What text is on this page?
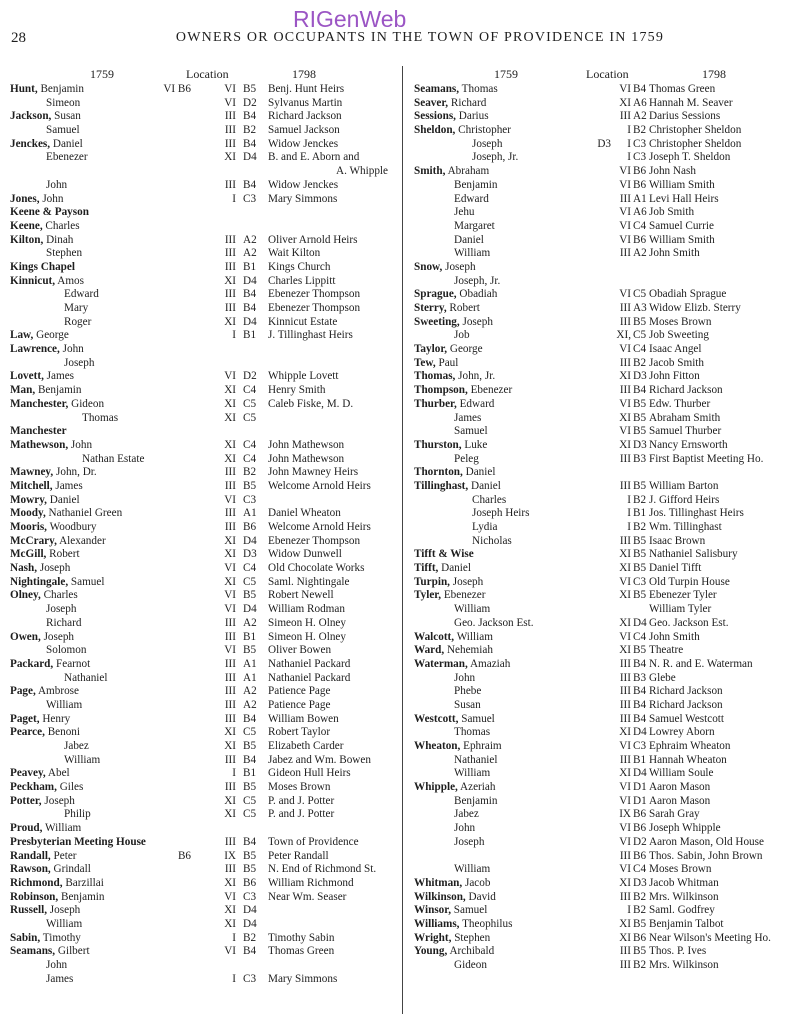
RIGenWeb
28	OWNERS OR OCCUPANTS IN THE TOWN OF PROVIDENCE IN 1759
1759	Location	1798
Hunt, Benjamin	VI B6	VI B5 Benj. Hunt Heirs
Simeon	VI D2 Sylvanus Martin
Jackson, Susan	III B4 Richard Jackson
Samuel	III B2 Samuel Jackson
Jenckes, Daniel	III B4 Widow Jenckes
Ebenezer	XI D4 B. and E. Aborn and
A. Whipple
John	III B4 Widow Jenckes
Jones, John	I C3 Mary Simmons
Keene & Payson
Keene, Charles
Kilton, Dinah	III A2 Oliver Arnold Heirs
Stephen	III A2 Wait Kilton
Kings Chapel	III B1 Kings Church
Kinnicut, Amos	XI D4 Charles Lippitt
Edward	III B4 Ebenezer Thompson
Mary	III B4 Ebenezer Thompson
Roger	XI D4 Kinnicut Estate
Law, George	I B1 J. Tillinghast Heirs
Lawrence, John
Joseph
Lovett, James	VI D2 Whipple Lovett
Man, Benjamin	XI C4 Henry Smith
Manchester, Gideon	XI C5 Caleb Fiske, M. D.
Thomas	XI C5
Manchester
Mathewson, John	XI C4 John Mathewson
Nathan Estate	XI C4 John Mathewson
Mawney, John, Dr.	III B2 John Mawney Heirs
Mitchell, James	III B5 Welcome Arnold Heirs
Mowry, Daniel	VI C3
Moody, Nathaniel Green	III A1 Daniel Wheaton
Mooris, Woodbury	III B6 Welcome Arnold Heirs
McCrary, Alexander	XI D4 Ebenezer Thompson
McGill, Robert	XI D3 Widow Dunwell
Nash, Joseph	VI C4 Old Chocolate Works
Nightingale, Samuel	XI C5 Saml. Nightingale
Olney, Charles	VI B5 Robert Newell
Joseph	VI D4 William Rodman
Richard	III A2 Simeon H. Olney
Owen, Joseph	III B1 Simeon H. Olney
Solomon	VI B5 Oliver Bowen
Packard, Fearnot	III A1 Nathaniel Packard
Nathaniel	III A1 Nathaniel Packard
Page, Ambrose	III A2 Patience Page
William	III A2 Patience Page
Paget, Henry	III B4 William Bowen
Pearce, Benoni	XI C5 Robert Taylor
Jabez	XI B5 Elizabeth Carder
William	III B4 Jabez and Wm. Bowen
Peavey, Abel	I B1 Gideon Hull Heirs
Peckham, Giles	III B5 Moses Brown
Potter, Joseph	XI C5 P. and J. Potter
Philip	XI C5 P. and J. Potter
Proud, William
Presbyterian Meeting House	III B4 Town of Providence
Randall, Peter	B6	IX B5 Peter Randall
Rawson, Grindall	III B5 N. End of Richmond St.
Richmond, Barzillai	XI B6 William Richmond
Robinson, Benjamin	VI C3 Near Wm. Seaser
Russell, Joseph	XI D4
William	XI D4
Sabin, Timothy	I B2 Timothy Sabin
Seamans, Gilbert	VI B4 Thomas Green
John
James	I C3 Mary Simmons
1759	Location	1798
Seamans, Thomas	VI B4 Thomas Green
Seaver, Richard	XI A6 Hannah M. Seaver
Sessions, Darius	III A2 Darius Sessions
Sheldon, Christopher	I B2 Christopher Sheldon
Joseph	D3 I C3 Christopher Sheldon
Joseph, Jr.	I C3 Joseph T. Sheldon
Smith, Abraham	VI B6 John Nash
Benjamin	VI B6 William Smith
Edward	III A1 Levi Hall Heirs
Jehu	VI A6 Job Smith
Margaret	VI C4 Samuel Currie
Daniel	VI B6 William Smith
William	III A2 John Smith
Snow, Joseph
Joseph, Jr.
Sprague, Obadiah	VI C5 Obadiah Sprague
Sterry, Robert	III A3 Widow Elizb. Sterry
Sweeting, Joseph	III B5 Moses Brown
Job	XI, C5 Job Sweeting
Taylor, George	VI C4 Isaac Angel
Tew, Paul	III B2 Jacob Smith
Thomas, John, Jr.	XI D3 John Fitton
Thompson, Ebenezer	III B4 Richard Jackson
Thurber, Edward	VI B5 Edw. Thurber
James	XI B5 Abraham Smith
Samuel	VI B5 Samuel Thurber
Thurston, Luke	XI D3 Nancy Ernsworth
Peleg	III B3 First Baptist Meeting Ho.
Thornton, Daniel
Tillinghast, Daniel	III B5 William Barton
Charles	I B2 J. Gifford Heirs
Joseph Heirs	I B1 Jos. Tillinghast Heirs
Lydia	I B2 Wm. Tillinghast
Nicholas	III B5 Isaac Brown
Tifft & Wise	XI B5 Nathaniel Salisbury
Tifft, Daniel	XI B5 Daniel Tifft
Turpin, Joseph	VI C3 Old Turpin House
Tyler, Ebenezer	XI B5 Ebenezer Tyler
William	William Tyler
Geo. Jackson Est.	XI D4 Geo. Jackson Est.
Walcott, William	VI C4 John Smith
Ward, Nehemiah	XI B5 Theatre
Waterman, Amaziah	III B4 N. R. and E. Waterman
John	III B3 Glebe
Phebe	III B4 Richard Jackson
Susan	III B4 Richard Jackson
Westcott, Samuel	III B4 Samuel Westcott
Thomas	XI D4 Lowrey Aborn
Wheaton, Ephraim	VI C3 Ephraim Wheaton
Nathaniel	III B1 Hannah Wheaton
William	XI D4 William Soule
Whipple, Azeriah	VI D1 Aaron Mason
Benjamin	VI D1 Aaron Mason
Jabez	IX B6 Sarah Gray
John	VI B6 Joseph Whipple
Joseph	VI D2 Aaron Mason, Old House
III B6 Thos. Sabin, John Brown
William	VI C4 Moses Brown
Whitman, Jacob	XI D3 Jacob Whitman
Wilkinson, David	III B2 Mrs. Wilkinson
Winsor, Samuel	I B2 Saml. Godfrey
Williams, Theophilus	XI B5 Benjamin Talbot
Wright, Stephen	XI B6 Near Wilson's Meeting Ho.
Young, Archibald	III B5 Thos. P. Ives
Gideon	III B2 Mrs. Wilkinson
